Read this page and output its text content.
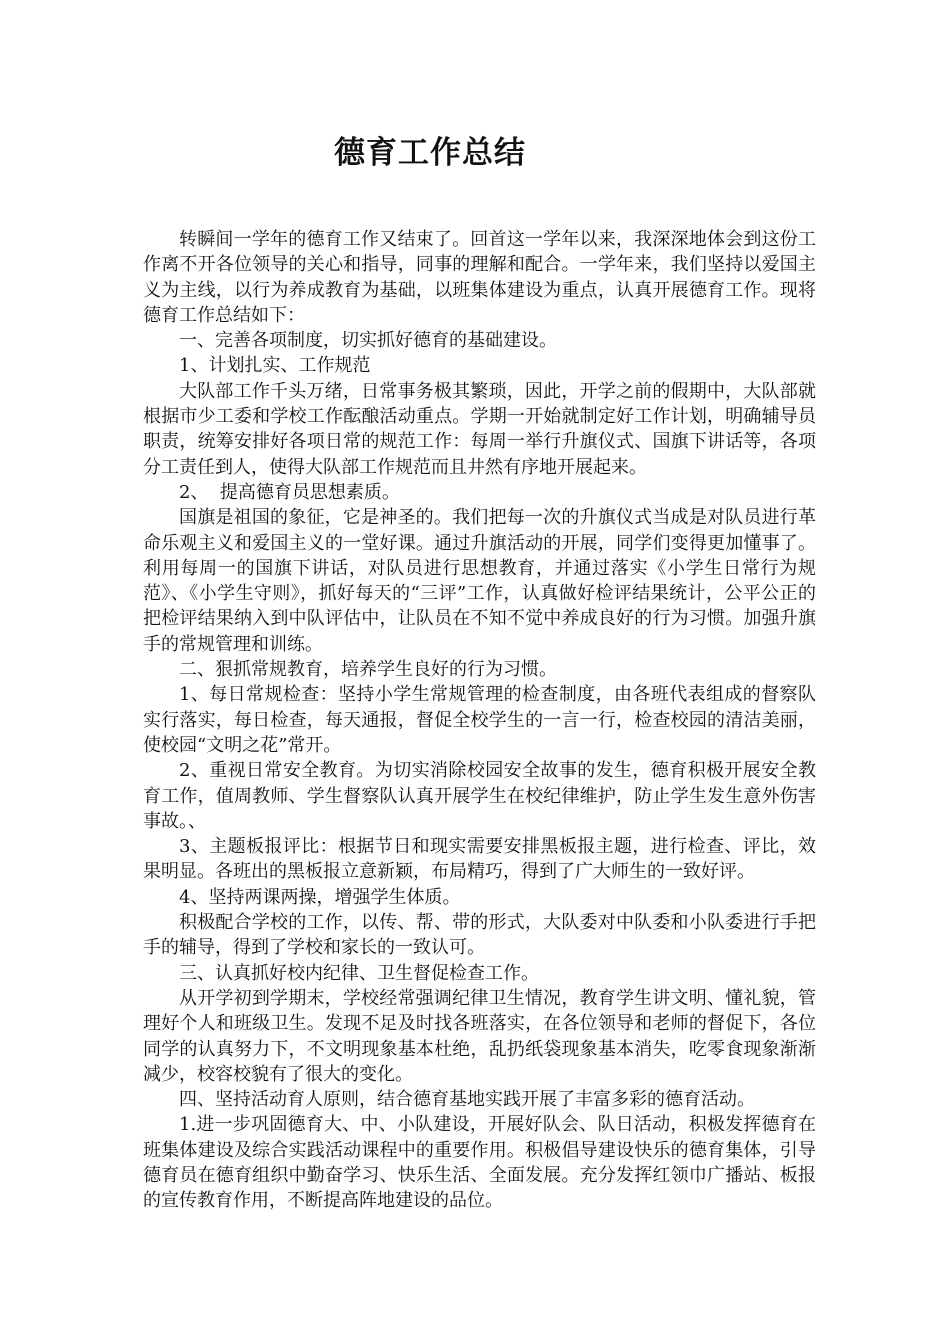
德育工作总结

转瞬间一学年的德育工作又结束了。回首这一学年以来，我深深地体会到这份工作离不开各位领导的关心和指导，同事的理解和配合。一学年来，我们坚持以爱国主义为主线，以行为养成教育为基础，以班集体建设为重点，认真开展德育工作。现将德育工作总结如下：

一、完善各项制度，切实抓好德育的基础建设。

1、计划扎实、工作规范

大队部工作千头万绪，日常事务极其繁琐，因此，开学之前的假期中，大队部就根据市少工委和学校工作酝酿活动重点。学期一开始就制定好工作计划，明确辅导员职责，统筹安排好各项日常的规范工作：每周一举行升旗仪式、国旗下讲话等，各项分工责任到人，使得大队部工作规范而且井然有序地开展起来。

2、  提高德育员思想素质。

国旗是祖国的象征，它是神圣的。我们把每一次的升旗仪式当成是对队员进行革命乐观主义和爱国主义的一堂好课。通过升旗活动的开展，同学们变得更加懂事了。利用每周一的国旗下讲话，对队员进行思想教育，并通过落实《小学生日常行为规范》、《小学生守则》，抓好每天的“三评”工作，认真做好检评结果统计，公平公正的把检评结果纳入到中队评估中，让队员在不知不觉中养成良好的行为习惯。加强升旗手的常规管理和训练。

二、狠抓常规教育，培养学生良好的行为习惯。

1、每日常规检查：坚持小学生常规管理的检查制度，由各班代表组成的督察队实行落实，每日检查，每天通报，督促全校学生的一言一行，检查校园的清洁美丽，使校园“文明之花”常开。

2、重视日常安全教育。为切实消除校园安全故事的发生，德育积极开展安全教育工作，值周教师、学生督察队认真开展学生在校纪律维护，防止学生发生意外伤害事故。、

3、主题板报评比：根据节日和现实需要安排黑板报主题，进行检查、评比，效果明显。各班出的黑板报立意新颖，布局精巧，得到了广大师生的一致好评。

4、坚持两课两操，增强学生体质。

积极配合学校的工作，以传、帮、带的形式，大队委对中队委和小队委进行手把手的辅导，得到了学校和家长的一致认可。

三、认真抓好校内纪律、卫生督促检查工作。

从开学初到学期末，学校经常强调纪律卫生情况，教育学生讲文明、懂礼貌，管理好个人和班级卫生。发现不足及时找各班落实，在各位领导和老师的督促下，各位同学的认真努力下，不文明现象基本杜绝，乱扔纸袋现象基本消失，吃零食现象渐渐减少，校容校貌有了很大的变化。

四、坚持活动育人原则，结合德育基地实践开展了丰富多彩的德育活动。

1.进一步巩固德育大、中、小队建设，开展好队会、队日活动，积极发挥德育在班集体建设及综合实践活动课程中的重要作用。积极倡导建设快乐的德育集体，引导德育员在德育组织中勤奋学习、快乐生活、全面发展。充分发挥红领巾广播站、板报的宣传教育作用，不断提高阵地建设的品位。
